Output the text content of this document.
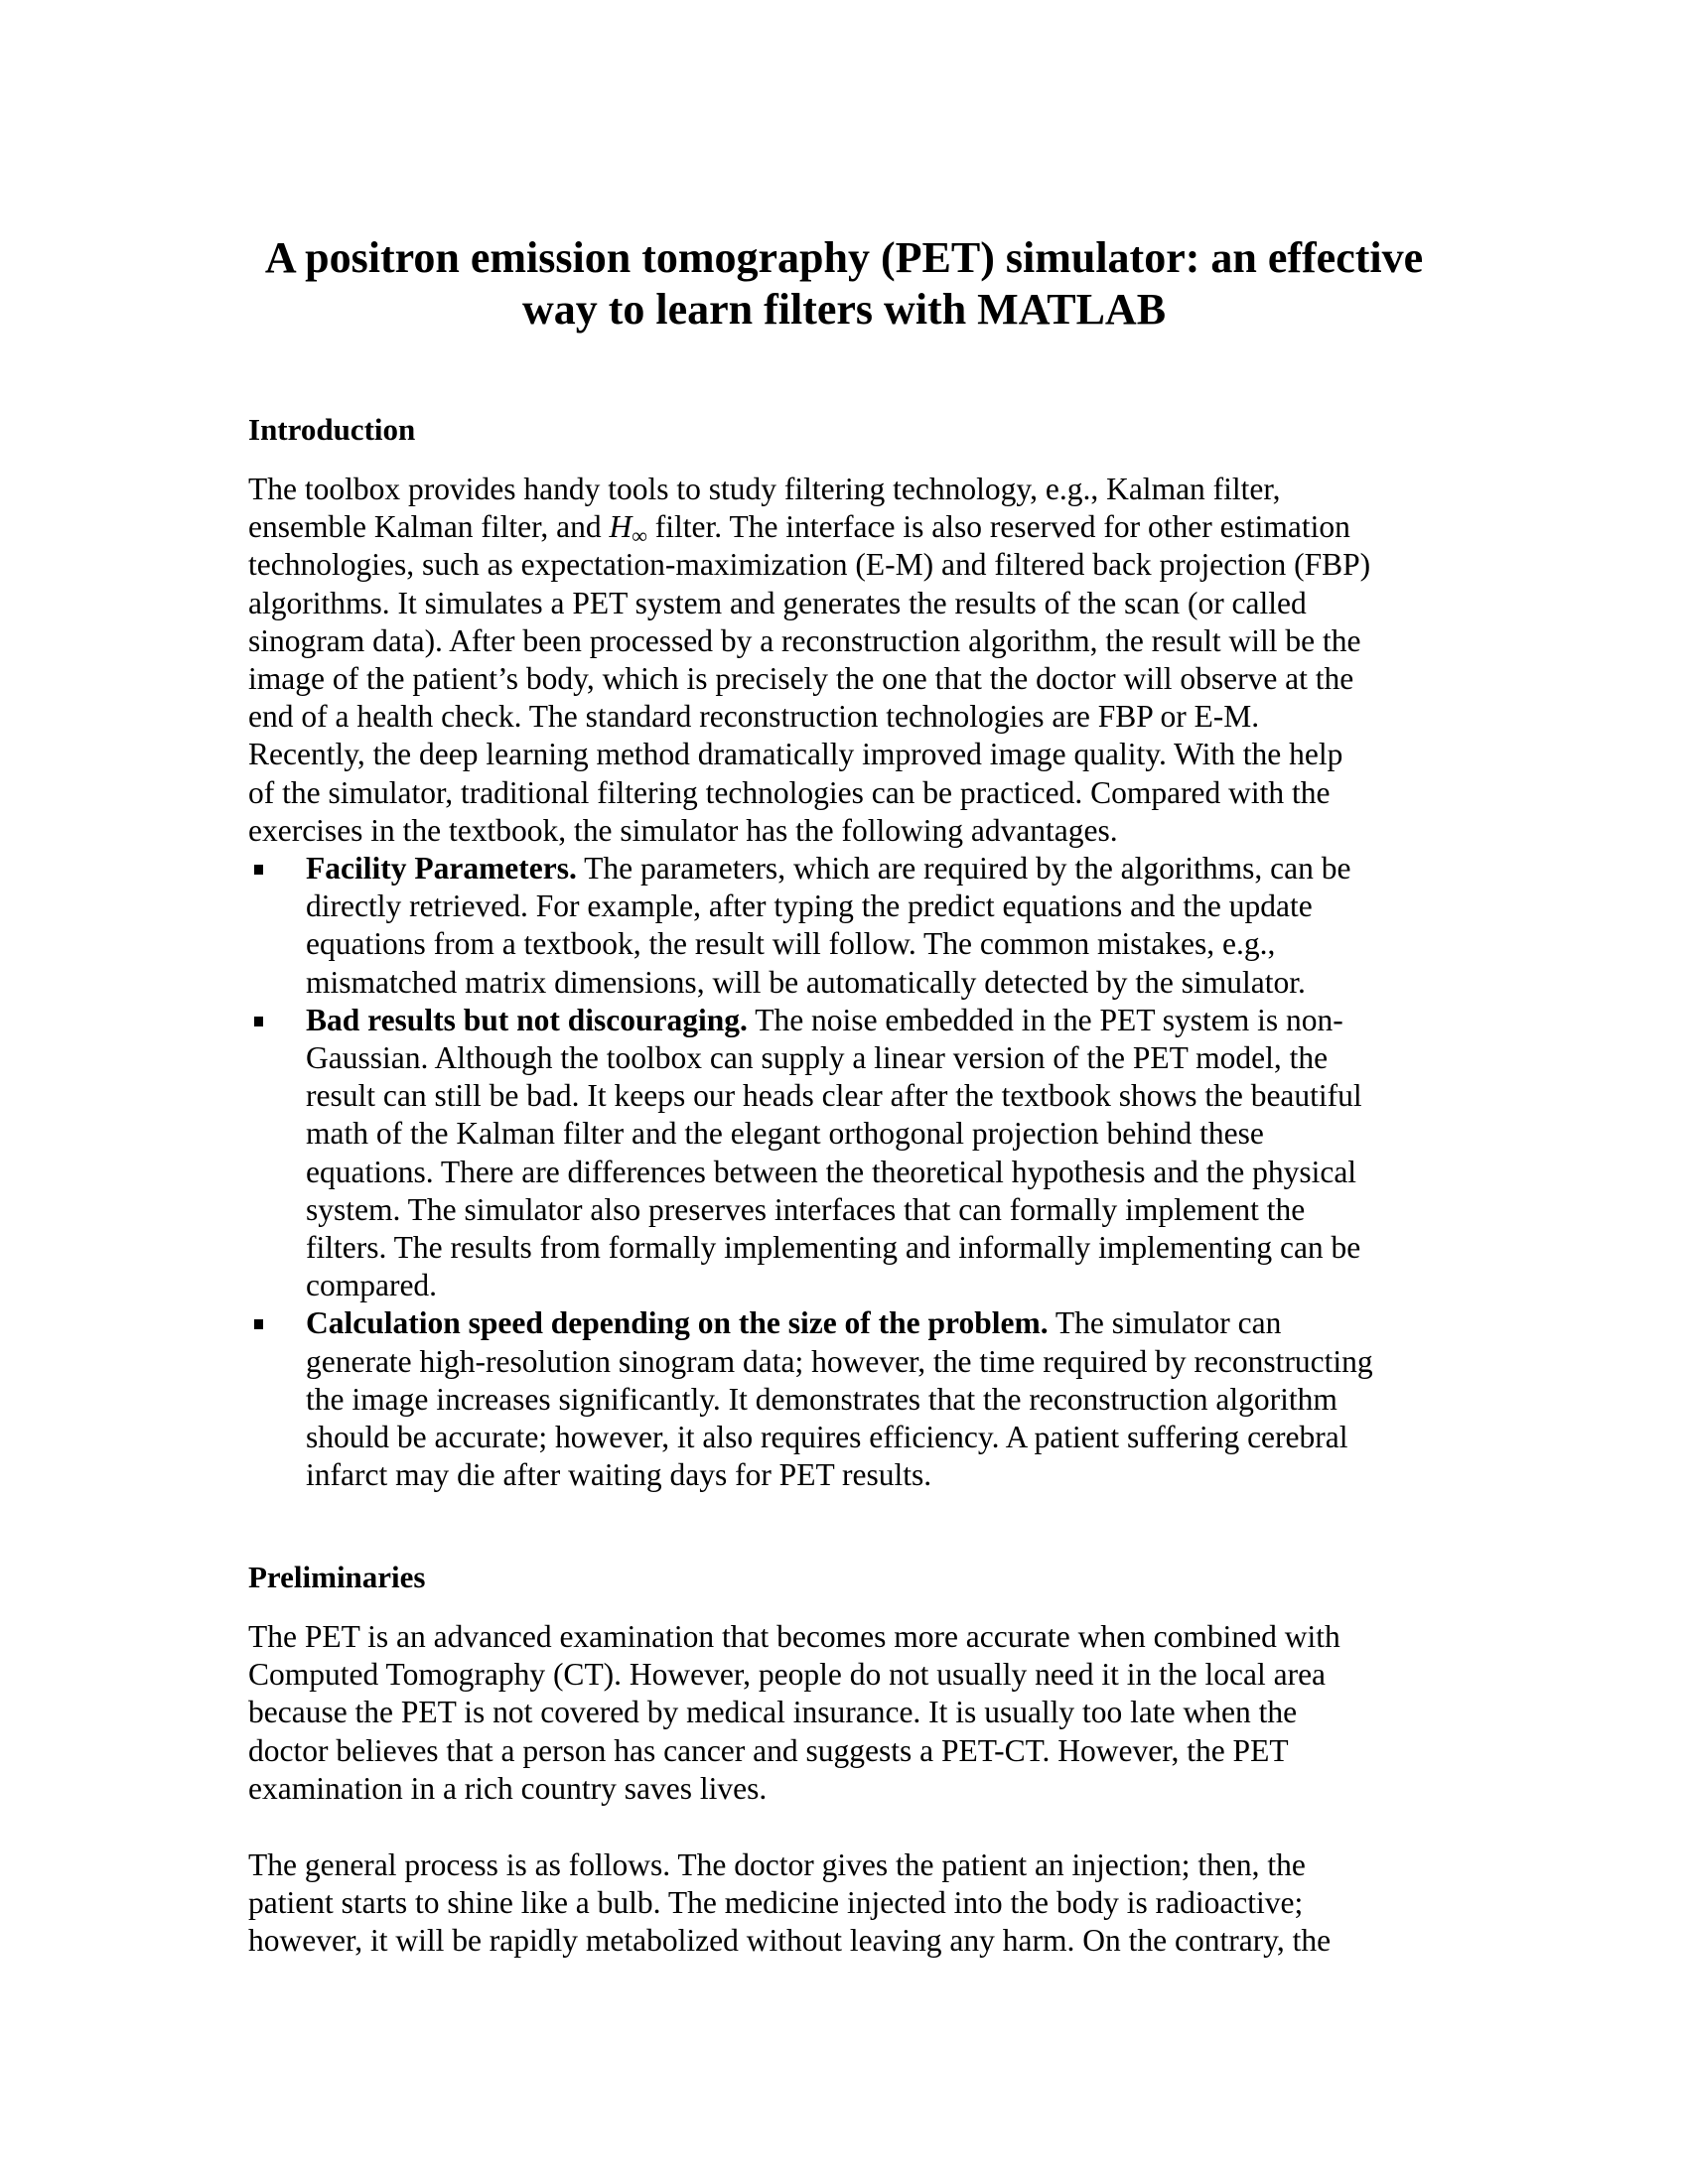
A positron emission tomography (PET) simulator: an effective
way to learn filters with MATLAB
Introduction

The toolbox provides handy tools to study filtering technology, e.g., Kalman filter,
ensemble Kalman filter, and $H_\infty$ filter. The interface is also reserved for other estimation
technologies, such as expectation-maximization (E-M) and filtered back projection (FBP)
algorithms. It simulates a PET system and generates the results of the scan (or called
sinogram data). After been processed by a reconstruction algorithm, the result will be the
image of the patient’s body, which is precisely the one that the doctor will observe at the
end of a health check. The standard reconstruction technologies are FBP or E-M.
Recently, the deep learning method dramatically improved image quality. With the help
of the simulator, traditional filtering technologies can be practiced. Compared with the
exercises in the textbook, the simulator has the following advantages.

Facility Parameters. The parameters, which are required by the algorithms, can be
directly retrieved. For example, after typing the predict equations and the update
equations from a textbook, the result will follow. The common mistakes, e.g.,
mismatched matrix dimensions, will be automatically detected by the simulator.
Bad results but not discouraging. The noise embedded in the PET system is non-
Gaussian. Although the toolbox can supply a linear version of the PET model, the
result can still be bad. It keeps our heads clear after the textbook shows the beautiful
math of the Kalman filter and the elegant orthogonal projection behind these
equations. There are differences between the theoretical hypothesis and the physical
system. The simulator also preserves interfaces that can formally implement the
filters. The results from formally implementing and informally implementing can be
compared.
Calculation speed depending on the size of the problem. The simulator can
generate high-resolution sinogram data; however, the time required by reconstructing
the image increases significantly. It demonstrates that the reconstruction algorithm
should be accurate; however, it also requires efficiency. A patient suffering cerebral
infarct may die after waiting days for PET results.
Preliminaries

The PET is an advanced examination that becomes more accurate when combined with
Computed Tomography (CT). However, people do not usually need it in the local area
because the PET is not covered by medical insurance. It is usually too late when the
doctor believes that a person has cancer and suggests a PET-CT. However, the PET
examination in a rich country saves lives.

The general process is as follows. The doctor gives the patient an injection; then, the
patient starts to shine like a bulb. The medicine injected into the body is radioactive;
however, it will be rapidly metabolized without leaving any harm. On the contrary, the
